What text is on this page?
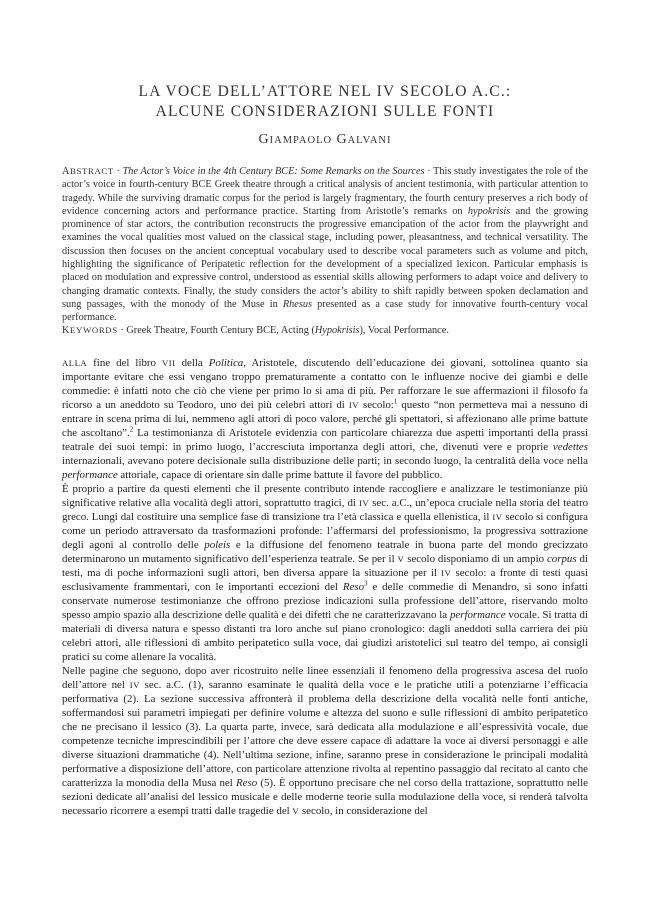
LA VOCE DELL’ATTORE NEL IV SECOLO A.C.:
ALCUNE CONSIDERAZIONI SULLE FONTI
GIAMPAOLO GALVANI
ABSTRACT · The Actor’s Voice in the 4th Century BCE: Some Remarks on the Sources · This study investigates the role of the actor’s voice in fourth-century BCE Greek theatre through a critical analysis of ancient testimonia, with particular attention to tragedy. While the surviving dramatic corpus for the period is largely fragmentary, the fourth century preserves a rich body of evidence concerning actors and performance practice. Starting from Aristotle’s remarks on hypokrisis and the growing prominence of star actors, the contribution reconstructs the progressive emancipation of the actor from the playwright and examines the vocal qualities most valued on the classical stage, including power, pleasantness, and technical versatility. The discussion then focuses on the ancient conceptual vocabulary used to describe vocal parameters such as volume and pitch, highlighting the significance of Peripatetic reflection for the development of a specialized lexicon. Particular emphasis is placed on modulation and expressive control, understood as essential skills allowing performers to adapt voice and delivery to changing dramatic contexts. Finally, the study considers the actor’s ability to shift rapidly between spoken declamation and sung passages, with the monody of the Muse in Rhesus presented as a case study for innovative fourth-century vocal performance.
KEYWORDS · Greek Theatre, Fourth Century BCE, Acting (Hypokrisis), Vocal Performance.

ALLA fine del libro VII della Politica, Aristotele, discutendo dell’educazione dei giovani, sottolinea quanto sia importante evitare che essi vengano troppo prematuramente a contatto con le influenze nocive dei giambi e delle commedie: è infatti noto che ciò che viene per primo lo si ama di più. Per rafforzare le sue affermazioni il filosofo fa ricorso a un aneddoto su Teodoro, uno dei più celebri attori di IV secolo:$^1$ questo “non permetteva mai a nessuno di entrare in scena prima di lui, nemmeno agli attori di poco valore, perché gli spettatori, si affezionano alle prime battute che ascoltano”.$^2$ La testimonianza di Aristotele evidenzia con particolare chiarezza due aspetti importanti della prassi teatrale dei suoi tempi: in primo luogo, l’accresciuta importanza degli attori, che, divenuti vere e proprie vedettes internazionali, avevano potere decisionale sulla distribuzione delle parti; in secondo luogo, la centralità della voce nella performance attoriale, capace di orientare sin dalle prime battute il favore del pubblico.

È proprio a partire da questi elementi che il presente contributo intende raccogliere e analizzare le testimonianze più significative relative alla vocalità degli attori, soprattutto tragici, di IV sec. a.C., un’epoca cruciale nella storia del teatro greco. Lungi dal costituire una semplice fase di transizione tra l’età classica e quella ellenistica, il IV secolo si configura come un periodo attraversato da trasformazioni profonde: l’affermarsi del professionismo, la progressiva sottrazione degli agoni al controllo delle poleis e la diffusione del fenomeno teatrale in buona parte del mondo grecizzato determinarono un mutamento significativo dell’esperienza teatrale. Se per il V secolo disponiamo di un ampio corpus di testi, ma di poche informazioni sugli attori, ben diversa appare la situazione per il IV secolo: a fronte di testi quasi esclusivamente frammentari, con le importanti eccezioni del Reso$^3$ e delle commedie di Menandro, si sono infatti conservate numerose testimonianze che offrono preziose indicazioni sulla professione dell’attore, riservando molto spesso ampio spazio alla descrizione delle qualità e dei difetti che ne caratterizzavano la performance vocale. Si tratta di materiali di diversa natura e spesso distanti tra loro anche sul piano cronologico: dagli aneddoti sulla carriera dei più celebri attori, alle riflessioni di ambito peripatetico sulla voce, dai giudizi aristotelici sul teatro del tempo, ai consigli pratici su come allenare la vocalità.

Nelle pagine che seguono, dopo aver ricostruito nelle linee essenziali il fenomeno della progressiva ascesa del ruolo dell’attore nel IV sec. a.C. (1), saranno esaminate le qualità della voce e le pratiche utili a potenziarne l’efficacia performativa (2). La sezione successiva affronterà il problema della descrizione della vocalità nelle fonti antiche, soffermandosi sui parametri impiegati per definire volume e altezza del suono e sulle riflessioni di ambito peripatetico che ne precisano il lessico (3). La quarta parte, invece, sarà dedicata alla modulazione e all’espressività vocale, due competenze tecniche imprescindibili per l’attore che deve essere capace di adattare la voce ai diversi personaggi e alle diverse situazioni drammatiche (4). Nell’ultima sezione, infine, saranno prese in considerazione le principali modalità performative a disposizione dell’attore, con particolare attenzione rivolta al repentino passaggio dal recitato al canto che caratterizza la monodia della Musa nel Reso (5). È opportuno precisare che nel corso della trattazione, soprattutto nelle sezioni dedicate all’analisi del lessico musicale e delle moderne teorie sulla modulazione della voce, si renderà talvolta necessario ricorrere a esempi tratti dalle tragedie del V secolo, in considerazione del
